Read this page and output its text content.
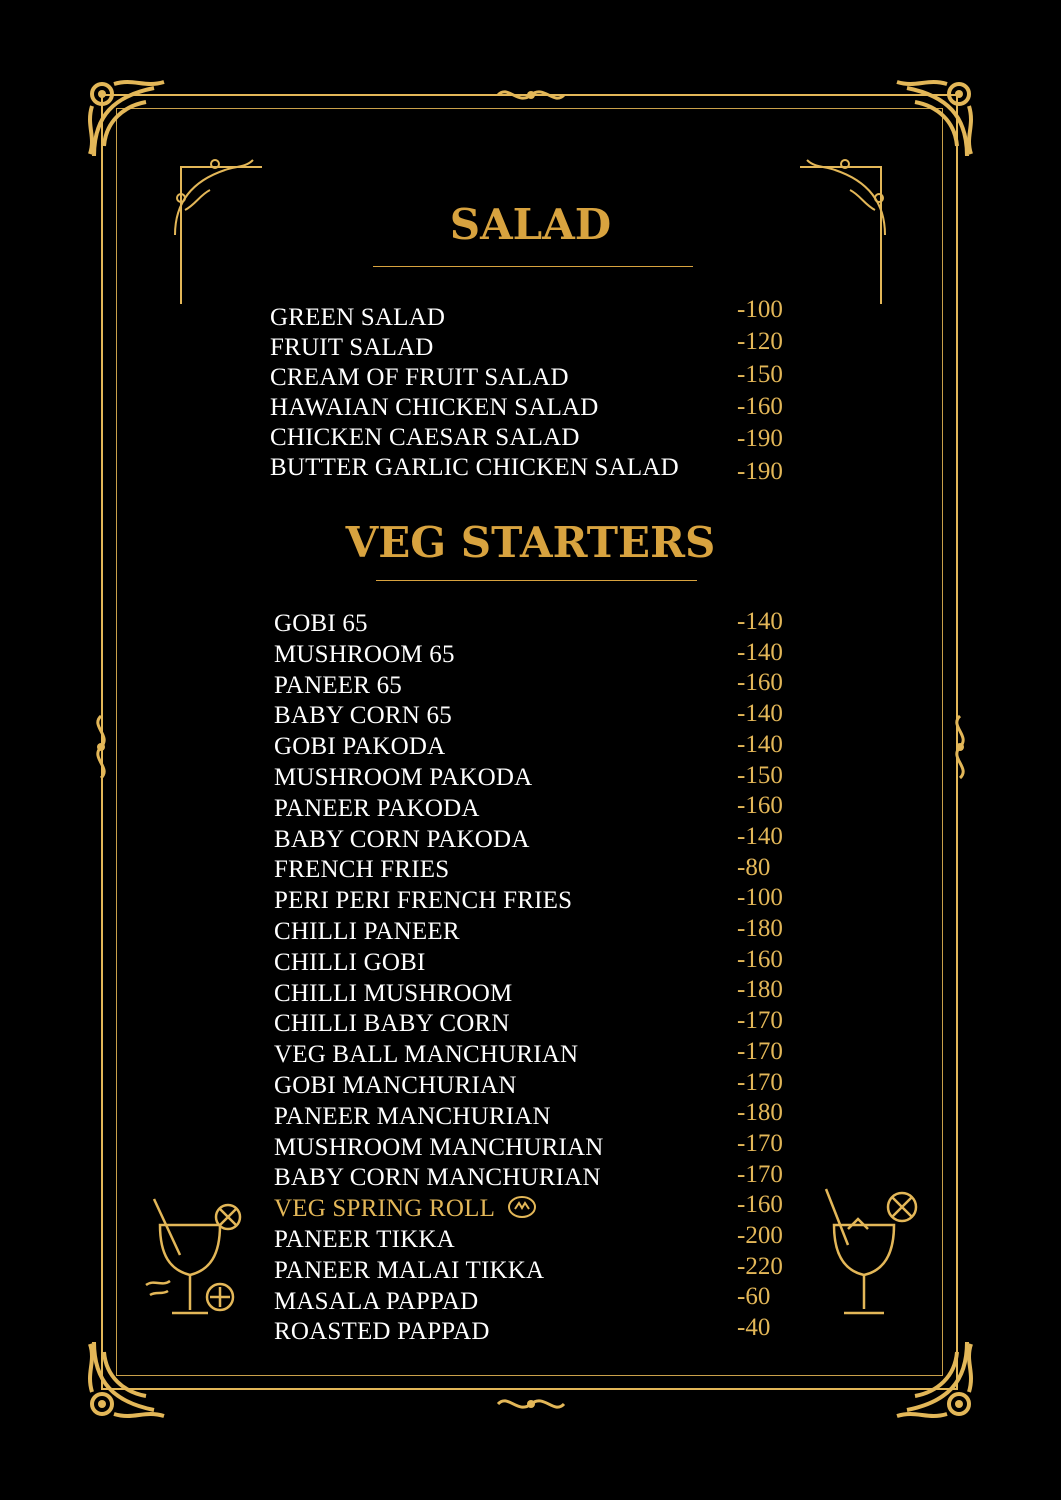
SALAD
GREEN SALAD
FRUIT SALAD
CREAM OF FRUIT SALAD
HAWAIAN CHICKEN SALAD
CHICKEN CAESAR SALAD
BUTTER GARLIC CHICKEN SALAD
-100
-120
-150
-160
-190
-190
VEG STARTERS
GOBI 65
MUSHROOM 65
PANEER 65
BABY CORN 65
GOBI PAKODA
MUSHROOM PAKODA
PANEER PAKODA
BABY CORN PAKODA
FRENCH FRIES
PERI PERI FRENCH FRIES
CHILLI PANEER
CHILLI GOBI
CHILLI MUSHROOM
CHILLI BABY CORN
VEG BALL MANCHURIAN
GOBI MANCHURIAN
PANEER MANCHURIAN
MUSHROOM MANCHURIAN
BABY CORN MANCHURIAN
VEG SPRING ROLL
PANEER TIKKA
PANEER MALAI TIKKA
MASALA PAPPAD
ROASTED PAPPAD
-140
-140
-160
-140
-140
-150
-160
-140
-80
-100
-180
-160
-180
-170
-170
-170
-180
-170
-170
-160
-200
-220
-60
-40
